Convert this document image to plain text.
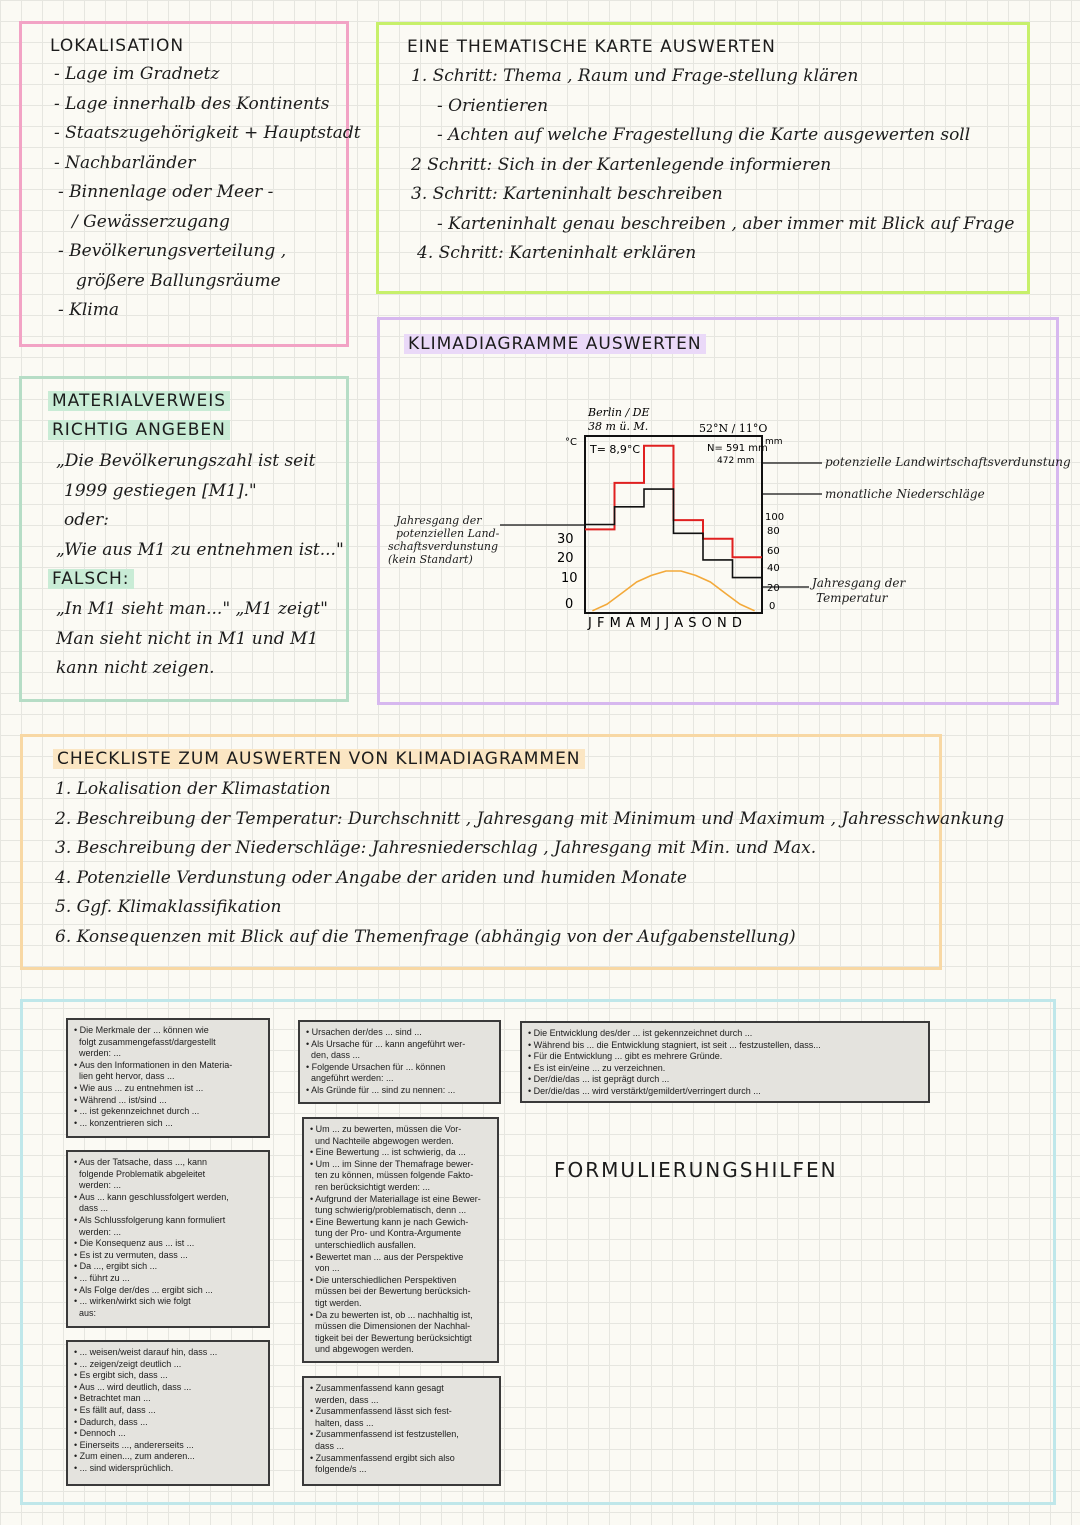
LOKALISATION
- Lage im Gradnetz
- Lage innerhalb des Kontinents
- Staatszugehörigkeit + Hauptstadt
- Nachbarländer
- Binnenlage oder Meer -
/ Gewässerzugang
- Bevölkerungsverteilung ,
größere Ballungsräume
- Klima
EINE THEMATISCHE KARTE AUSWERTEN
1. Schritt: Thema , Raum und Frage-stellung klären
- Orientieren
- Achten auf welche Fragestellung die Karte ausgewerten soll
2 Schritt: Sich in der Kartenlegende informieren
3. Schritt: Karteninhalt beschreiben
- Karteninhalt genau beschreiben , aber immer mit Blick auf Frage
4. Schritt: Karteninhalt erklären
MATERIALVERWEIS
RICHTIG ANGEBEN
„Die Bevölkerungszahl ist seit
1999 gestiegen [M1]."
oder:
„Wie aus M1 zu entnehmen ist..."
FALSCH:
„In M1 sieht man..." „M1 zeigt"
Man sieht nicht in M1 und M1
kann nicht zeigen.
KLIMADIAGRAMME AUSWERTEN
Berlin / DE
38 m ü. M.	52°N / 11°O
T= 8,9°C	N= 591 mm
472 mm
°C	mm
30
20
10
0
100
80
60
40
20
0
J F M A M J J A S O N D
Jahresgang der
potenziellen Land-
schaftsverdunstung
(kein Standart)
potenzielle Landwirtschaftsverdunstung
monatliche Niederschläge
Jahresgang der
Temperatur
CHECKLISTE ZUM AUSWERTEN VON KLIMADIAGRAMMEN
1. Lokalisation der Klimastation
2. Beschreibung der Temperatur: Durchschnitt , Jahresgang mit Minimum und Maximum , Jahresschwankung
3. Beschreibung der Niederschläge: Jahresniederschlag , Jahresgang mit Min. und Max.
4. Potenzielle Verdunstung oder Angabe der ariden und humiden Monate
5. Ggf. Klimaklassifikation
6. Konsequenzen mit Blick auf die Themenfrage (abhängig von der Aufgabenstellung)
• Die Merkmale der ... können wie
folgt zusammengefasst/dargestellt
werden: ...
• Aus den Informationen in den Materia-
lien geht hervor, dass ...
• Wie aus ... zu entnehmen ist ...
• Während ... ist/sind ...
• ... ist gekennzeichnet durch ...
• ... konzentrieren sich ...
• Aus der Tatsache, dass ..., kann
folgende Problematik abgeleitet
werden: ...
• Aus ... kann geschlussfolgert werden,
dass ...
• Als Schlussfolgerung kann formuliert
werden: ...
• Die Konsequenz aus ... ist ...
• Es ist zu vermuten, dass ...
• Da ..., ergibt sich ...
• ... führt zu ...
• Als Folge der/des ... ergibt sich ...
• ... wirken/wirkt sich wie folgt
aus:
• ... weisen/weist darauf hin, dass ...
• ... zeigen/zeigt deutlich ...
• Es ergibt sich, dass ...
• Aus ... wird deutlich, dass ...
• Betrachtet man ...
• Es fällt auf, dass ...
• Dadurch, dass ...
• Dennoch ...
• Einerseits ..., andererseits ...
• Zum einen..., zum anderen...
• ... sind widersprüchlich.
• Ursachen der/des ... sind ...
• Als Ursache für ... kann angeführt wer-
den, dass ...
• Folgende Ursachen für ... können
angeführt werden: ...
• Als Gründe für ... sind zu nennen: ...
• Um ... zu bewerten, müssen die Vor-
und Nachteile abgewogen werden.
• Eine Bewertung ... ist schwierig, da ...
• Um ... im Sinne der Themafrage bewer-
ten zu können, müssen folgende Fakto-
ren berücksichtigt werden: ...
• Aufgrund der Materiallage ist eine Bewer-
tung schwierig/problematisch, denn ...
• Eine Bewertung kann je nach Gewich-
tung der Pro- und Kontra-Argumente
unterschiedlich ausfallen.
• Bewertet man ... aus der Perspektive
von ...
• Die unterschiedlichen Perspektiven
müssen bei der Bewertung berücksich-
tigt werden.
• Da zu bewerten ist, ob ... nachhaltig ist,
müssen die Dimensionen der Nachhal-
tigkeit bei der Bewertung berücksichtigt
und abgewogen werden.
• Zusammenfassend kann gesagt
werden, dass ...
• Zusammenfassend lässt sich fest-
halten, dass ...
• Zusammenfassend ist festzustellen,
dass ...
• Zusammenfassend ergibt sich also
folgende/s ...
• Die Entwicklung des/der ... ist gekennzeichnet durch ...
• Während bis ... die Entwicklung stagniert, ist seit ... festzustellen, dass...
• Für die Entwicklung ... gibt es mehrere Gründe.
• Es ist ein/eine ... zu verzeichnen.
• Der/die/das ... ist geprägt durch ...
• Der/die/das ... wird verstärkt/gemildert/verringert durch ...
FORMULIERUNGSHILFEN
